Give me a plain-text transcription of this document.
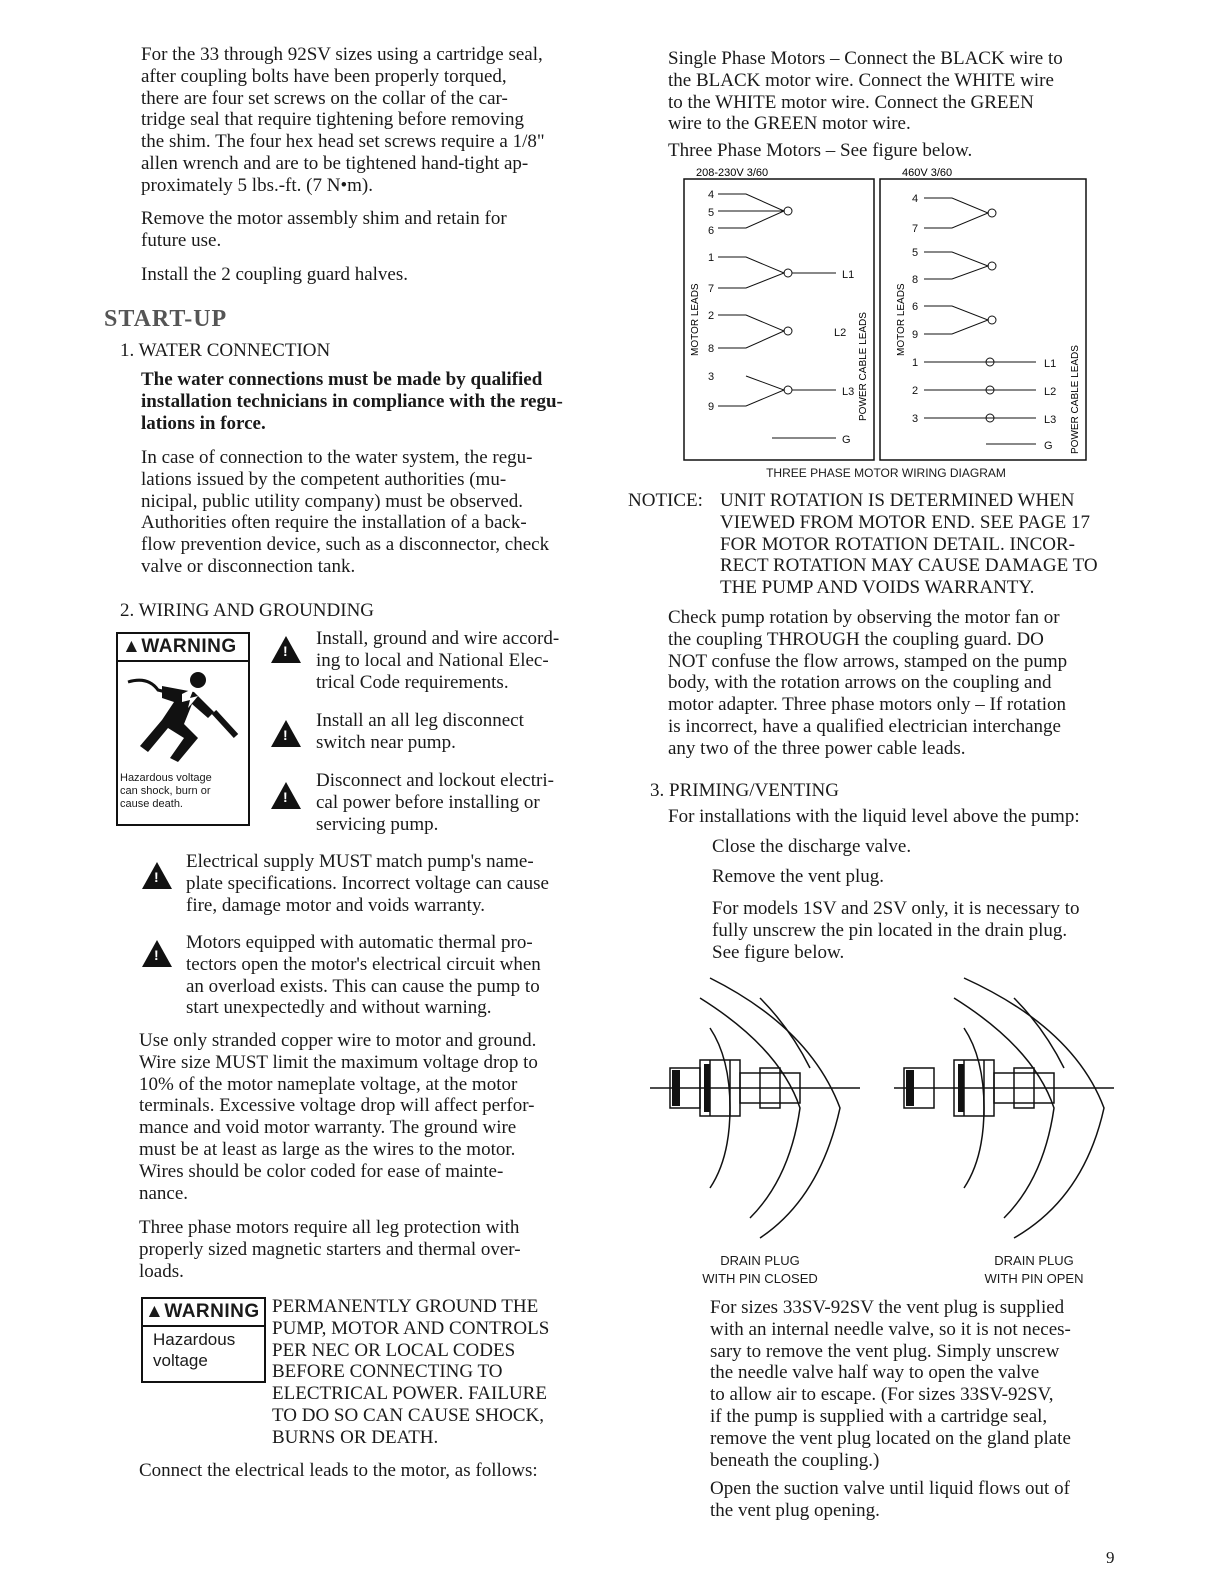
For the 33 through 92SV sizes using a cartridge seal,
after coupling bolts have been properly torqued,
there are four set screws on the collar of the car-
tridge seal that require tightening before removing
the shim. The four hex head set screws require a 1/8"
allen wrench and are to be tightened hand-tight ap-
proximately 5 lbs.-ft. (7 N•m).

Remove the motor assembly shim and retain for
future use.

Install the 2 coupling guard halves.

START-UP

1. WATER CONNECTION

The water connections must be made by qualified
installation technicians in compliance with the regu-
lations in force.

In case of connection to the water system, the regu-
lations issued by the competent authorities (mu-
nicipal, public utility company) must be observed.
Authorities often require the installation of a back-
flow prevention device, such as a disconnector, check
valve or disconnection tank.

2. WIRING AND GROUNDING

▲WARNING
Hazardous voltage
can shock, burn or
cause death.
!

Install, ground and wire accord-
ing to local and National Elec-
trical Code requirements.

!

Install an all leg disconnect
switch near pump.

!

Disconnect and lockout electri-
cal power before installing or
servicing pump.

!

Electrical supply MUST match pump's name-
plate specifications. Incorrect voltage can cause
fire, damage motor and voids warranty.

!

Motors equipped with automatic thermal pro-
tectors open the motor's electrical circuit when
an overload exists. This can cause the pump to
start unexpectedly and without warning.

Use only stranded copper wire to motor and ground.
Wire size MUST limit the maximum voltage drop to
10% of the motor nameplate voltage, at the motor
terminals. Excessive voltage drop will affect perfor-
mance and void motor warranty. The ground wire
must be at least as large as the wires to the motor.
Wires should be color coded for ease of mainte-
nance.

Three phase motors require all leg protection with
properly sized magnetic starters and thermal over-
loads.

▲WARNING
Hazardous
voltage

PERMANENTLY GROUND THE
PUMP, MOTOR AND CONTROLS
PER NEC OR LOCAL CODES
BEFORE CONNECTING TO
ELECTRICAL POWER. FAILURE
TO DO SO CAN CAUSE SHOCK,
BURNS OR DEATH.

Connect the electrical leads to the motor, as follows:

Single Phase Motors – Connect the BLACK wire to
the BLACK motor wire. Connect the WHITE wire
to the WHITE motor wire. Connect the GREEN
wire to the GREEN motor wire.

Three Phase Motors – See figure below.

208-230V 3/60	460V 3/60
MOTOR LEADS	POWER CABLE LEADS
4
5
6
1
7
L1
2
8
L2
3
9
L3
G
MOTOR LEADS
POWER CABLE LEADS
4
7
5
8
6
9
1	L1
2	L2
3	L3
G
THREE PHASE MOTOR WIRING DIAGRAM

NOTICE: UNIT ROTATION IS DETERMINED WHEN
VIEWED FROM MOTOR END. SEE PAGE 17
FOR MOTOR ROTATION DETAIL. INCOR-
RECT ROTATION MAY CAUSE DAMAGE TO
THE PUMP AND VOIDS WARRANTY.

Check pump rotation by observing the motor fan or
the coupling THROUGH the coupling guard. DO
NOT confuse the flow arrows, stamped on the pump
body, with the rotation arrows on the coupling and
motor adapter. Three phase motors only – If rotation
is incorrect, have a qualified electrician interchange
any two of the three power cable leads.

3. PRIMING/VENTING

For installations with the liquid level above the pump:

Close the discharge valve.

Remove the vent plug.

For models 1SV and 2SV only, it is necessary to
fully unscrew the pin located in the drain plug.
See figure below.

DRAIN PLUG
WITH PIN CLOSED
DRAIN PLUG
WITH PIN OPEN

For sizes 33SV-92SV the vent plug is supplied
with an internal needle valve, so it is not neces-
sary to remove the vent plug. Simply unscrew
the needle valve half way to open the valve
to allow air to escape. (For sizes 33SV-92SV,
if the pump is supplied with a cartridge seal,
remove the vent plug located on the gland plate
beneath the coupling.)

Open the suction valve until liquid flows out of
the vent plug opening.

9
